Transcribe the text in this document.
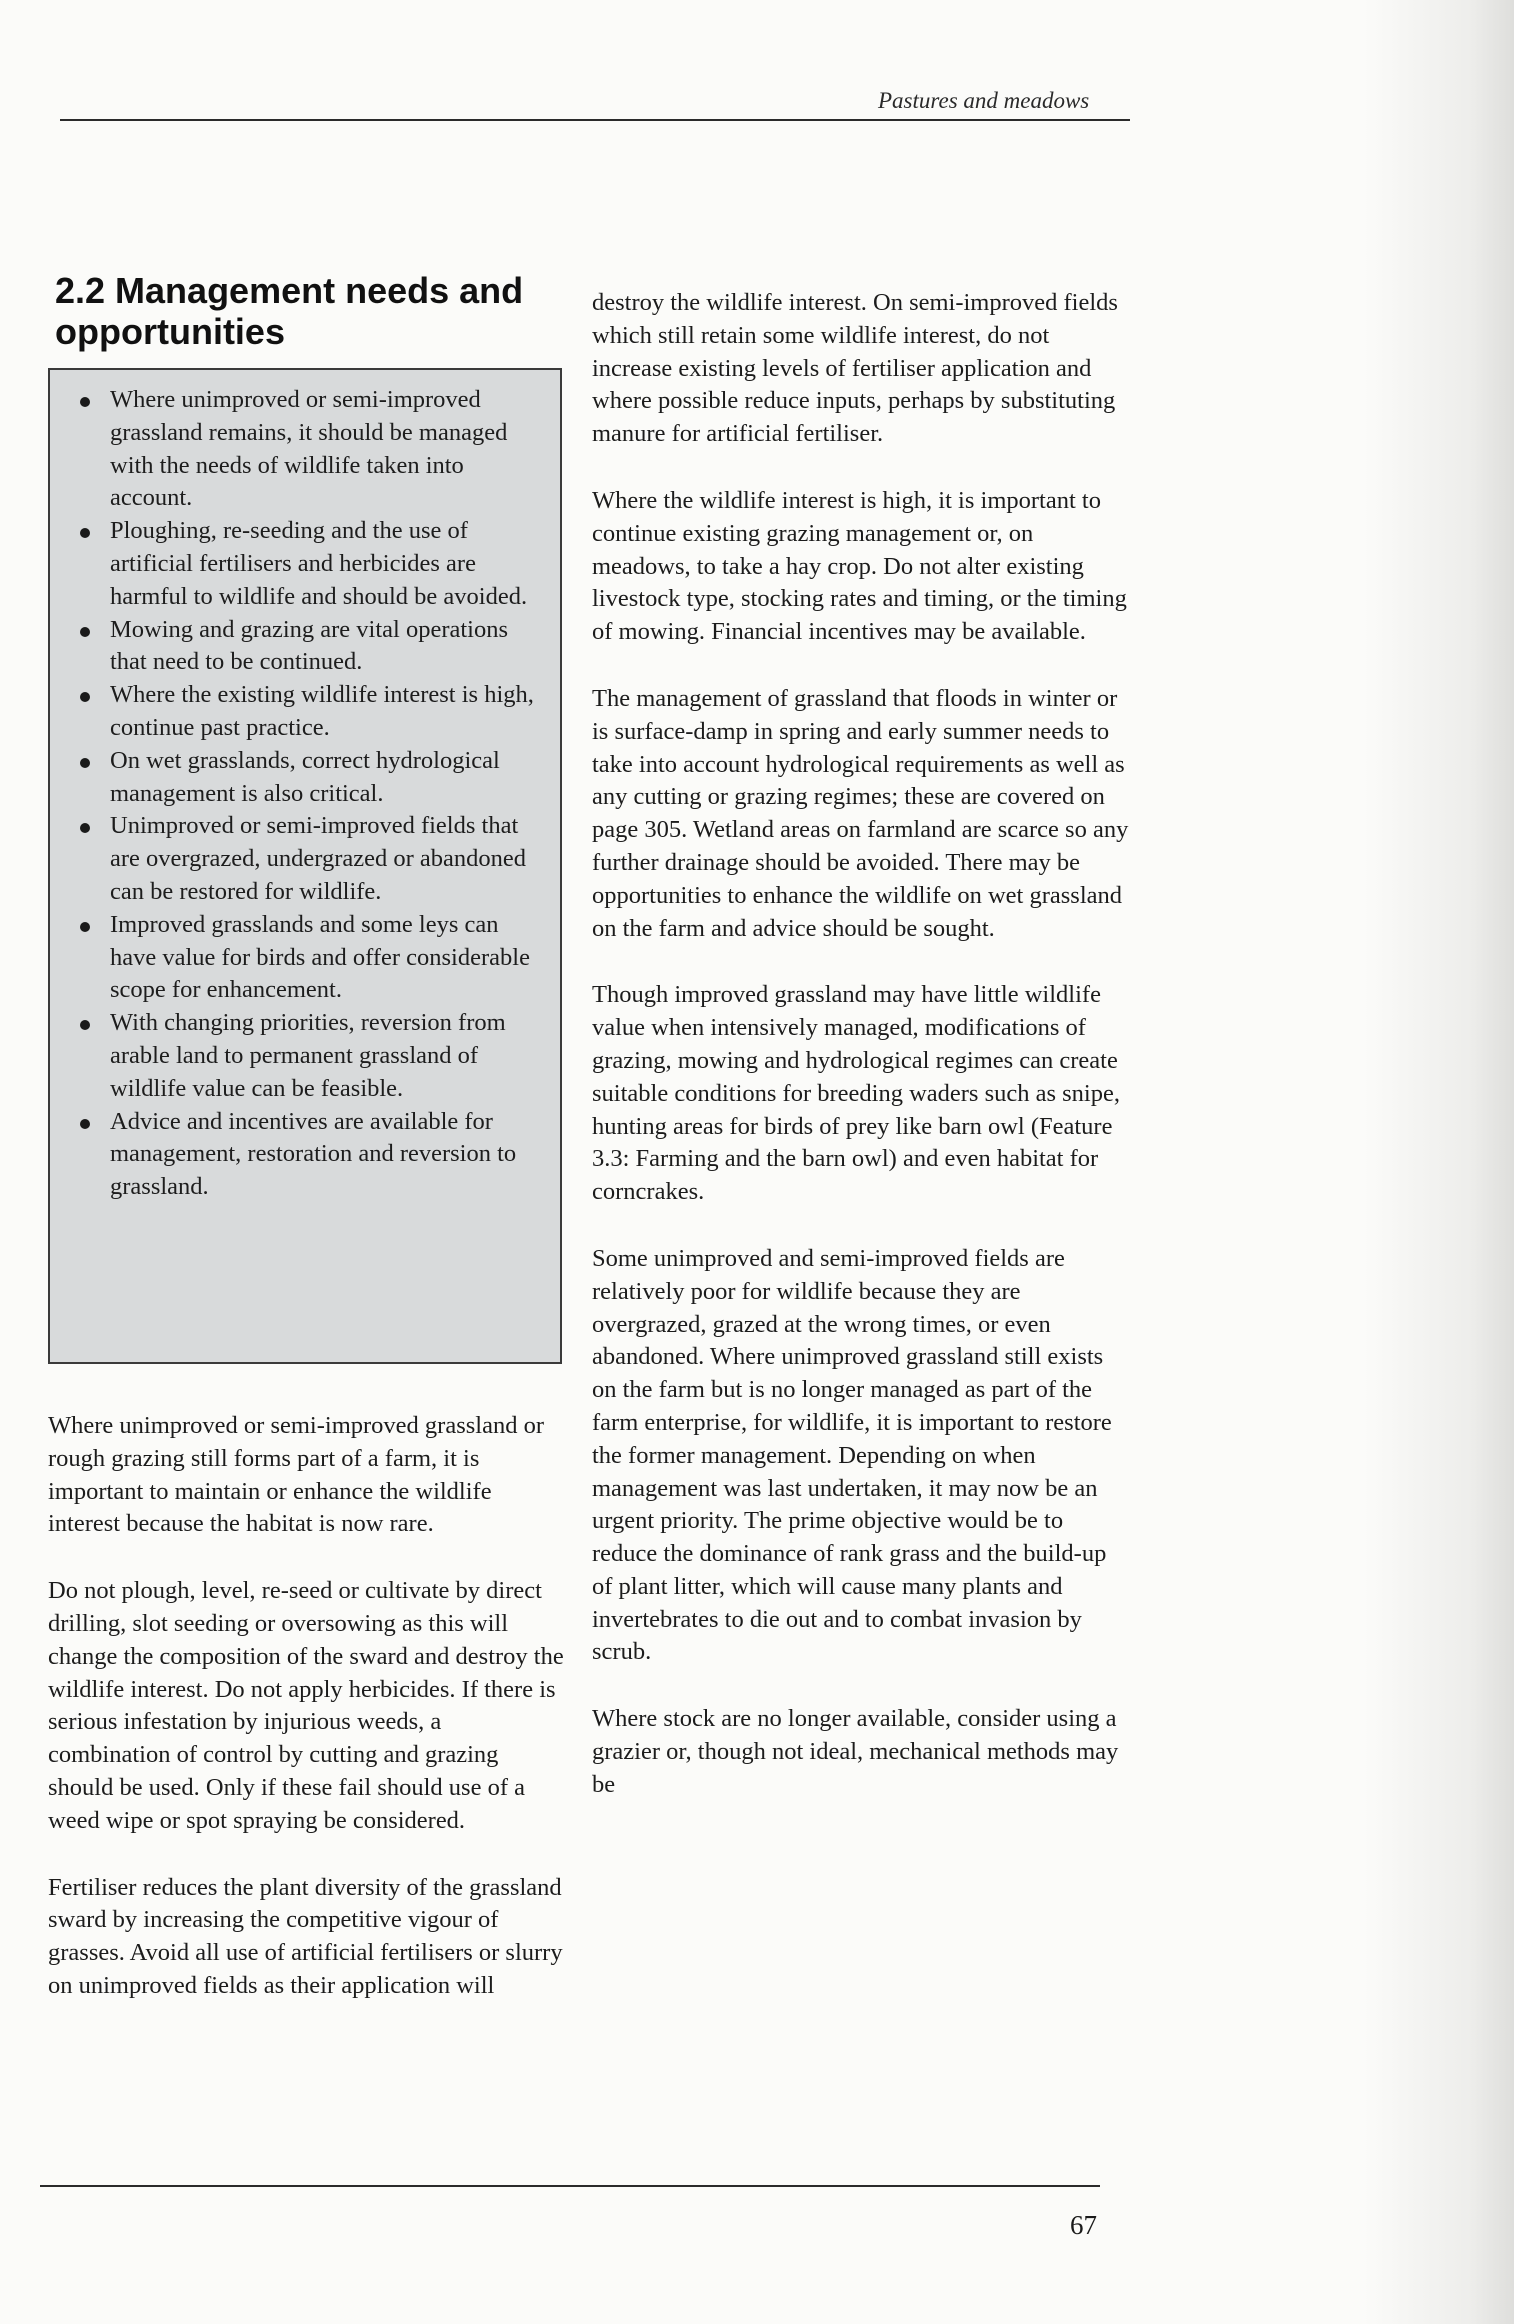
Pastures and meadows
2.2 Management needs and opportunities
Where unimproved or semi-improved grassland remains, it should be managed with the needs of wildlife taken into account.
Ploughing, re-seeding and the use of artificial fertilisers and herbicides are harmful to wildlife and should be avoided.
Mowing and grazing are vital operations that need to be continued.
Where the existing wildlife interest is high, continue past practice.
On wet grasslands, correct hydrological management is also critical.
Unimproved or semi-improved fields that are overgrazed, undergrazed or abandoned can be restored for wildlife.
Improved grasslands and some leys can have value for birds and offer considerable scope for enhancement.
With changing priorities, reversion from arable land to permanent grassland of wildlife value can be feasible.
Advice and incentives are available for management, restoration and reversion to grassland.

Where unimproved or semi-improved grassland or rough grazing still forms part of a farm, it is important to maintain or enhance the wildlife interest because the habitat is now rare.

Do not plough, level, re-seed or cultivate by direct drilling, slot seeding or oversowing as this will change the composition of the sward and destroy the wildlife interest. Do not apply herbicides. If there is serious infestation by injurious weeds, a combination of control by cutting and grazing should be used. Only if these fail should use of a weed wipe or spot spraying be considered.

Fertiliser reduces the plant diversity of the grassland sward by increasing the competitive vigour of grasses. Avoid all use of artificial fertilisers or slurry on unimproved fields as their application will

destroy the wildlife interest. On semi-improved fields which still retain some wildlife interest, do not increase existing levels of fertiliser application and where possible reduce inputs, perhaps by substituting manure for artificial fertiliser.

Where the wildlife interest is high, it is important to continue existing grazing management or, on meadows, to take a hay crop. Do not alter existing livestock type, stocking rates and timing, or the timing of mowing. Financial incentives may be available.

The management of grassland that floods in winter or is surface-damp in spring and early summer needs to take into account hydrological requirements as well as any cutting or grazing regimes; these are covered on page 305. Wetland areas on farmland are scarce so any further drainage should be avoided. There may be opportunities to enhance the wildlife on wet grassland on the farm and advice should be sought.

Though improved grassland may have little wildlife value when intensively managed, modifications of grazing, mowing and hydrological regimes can create suitable conditions for breeding waders such as snipe, hunting areas for birds of prey like barn owl (Feature 3.3: Farming and the barn owl) and even habitat for corncrakes.

Some unimproved and semi-improved fields are relatively poor for wildlife because they are overgrazed, grazed at the wrong times, or even abandoned. Where unimproved grassland still exists on the farm but is no longer managed as part of the farm enterprise, for wildlife, it is important to restore the former management. Depending on when management was last undertaken, it may now be an urgent priority. The prime objective would be to reduce the dominance of rank grass and the build-up of plant litter, which will cause many plants and invertebrates to die out and to combat invasion by scrub.

Where stock are no longer available, consider using a grazier or, though not ideal, mechanical methods may be

67
